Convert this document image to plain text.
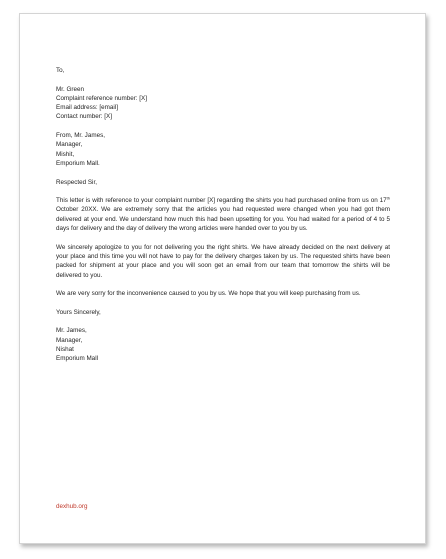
To,
Mr. Green
Complaint reference number: [X]
Email address: [email]
Contact number: [X]
From, Mr. James,
Manager,
Mishit,
Emporium Mall.
Respected Sir,
This letter is with reference to your complaint number [X] regarding the shirts you had purchased online from us on 17th October 20XX. We are extremely sorry that the articles you had requested were changed when you had got them delivered at your end. We understand how much this had been upsetting for you. You had waited for a period of 4 to 5 days for delivery and the day of delivery the wrong articles were handed over to you by us.
We sincerely apologize to you for not delivering you the right shirts. We have already decided on the next delivery at your place and this time you will not have to pay for the delivery charges taken by us. The requested shirts have been packed for shipment at your place and you will soon get an email from our team that tomorrow the shirts will be delivered to you.
We are very sorry for the inconvenience caused to you by us. We hope that you will keep purchasing from us.
Yours Sincerely,
Mr. James,
Manager,
Nishat
Emporium Mall
dexhub.org
